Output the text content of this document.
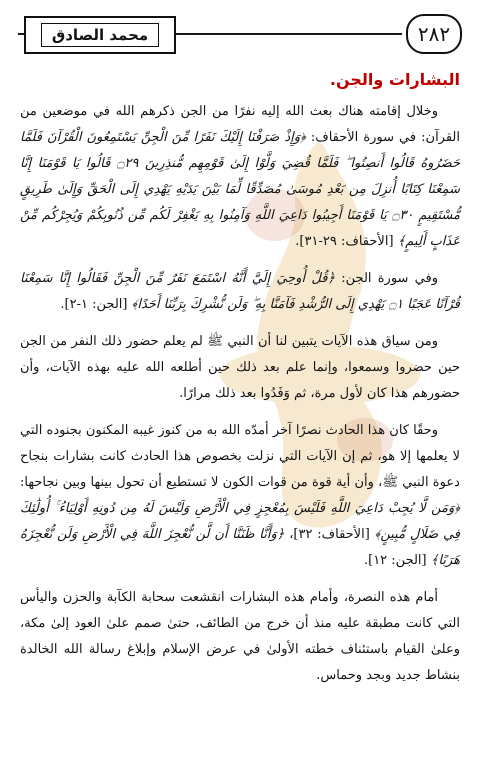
محمد الصادق	٢٨٢
البشارات والجن.

وخلال إقامته هناك بعث الله إليه نفرًا من الجن ذكرهم الله في موضعين من القرآن: في سورة الأحقاف: ﴿وَإِذْ صَرَفْنَا إِلَيْكَ نَفَرًا مِّنَ الْجِنِّ يَسْتَمِعُونَ الْقُرْآنَ فَلَمَّا حَضَرُوهُ قَالُوا أَنصِتُوا ۖ فَلَمَّا قُضِيَ وَلَّوْا إِلَىٰ قَوْمِهِم مُّنذِرِينَ ۝٢٩ قَالُوا يَا قَوْمَنَا إِنَّا سَمِعْنَا كِتَابًا أُنزِلَ مِن بَعْدِ مُوسَىٰ مُصَدِّقًا لِّمَا بَيْنَ يَدَيْهِ يَهْدِي إِلَى الْحَقِّ وَإِلَىٰ طَرِيقٍ مُّسْتَقِيمٍ ۝٣٠ يَا قَوْمَنَا أَجِيبُوا دَاعِيَ اللَّهِ وَآمِنُوا بِهِ يَغْفِرْ لَكُم مِّن ذُنُوبِكُمْ وَيُجِرْكُم مِّنْ عَذَابٍ أَلِيمٍ﴾ [الأحقاف: ٢٩-٣١].

وفي سورة الجن: ﴿قُلْ أُوحِيَ إِلَيَّ أَنَّهُ اسْتَمَعَ نَفَرٌ مِّنَ الْجِنِّ فَقَالُوا إِنَّا سَمِعْنَا قُرْآنًا عَجَبًا ۝١ يَهْدِي إِلَى الرُّشْدِ فَآمَنَّا بِهِ ۖ وَلَن نُّشْرِكَ بِرَبِّنَا أَحَدًا﴾ [الجن: ١-٢].

ومن سياق هذه الآيات يتبين لنا أن النبي ﷺ لم يعلم حضور ذلك النفر من الجن حين حضروا وسمعوا، وإنما علم بعد ذلك حين أطلعه الله عليه بهذه الآيات، وأن حضورهم هذا كان لأول مرة، ثم وَفَدُوا بعد ذلك مرارًا.

وحقًا كان هذا الحادث نصرًا آخر أمدّه الله به من كنوز غيبه المكنون بجنوده التي لا يعلمها إلا هو، ثم إن الآيات التي نزلت بخصوص هذا الحادث كانت بشارات بنجاح دعوة النبي ﷺ، وأن أية قوة من قوات الكون لا تستطيع أن تحول بينها وبين نجاحها: ﴿وَمَن لَّا يُجِبْ دَاعِيَ اللَّهِ فَلَيْسَ بِمُعْجِزٍ فِي الْأَرْضِ وَلَيْسَ لَهُ مِن دُونِهِ أَوْلِيَاءُ ۚ أُولَٰئِكَ فِي ضَلَالٍ مُّبِينٍ﴾ [الأحقاف: ٣٢]، ﴿وَأَنَّا ظَنَنَّا أَن لَّن نُّعْجِزَ اللَّهَ فِي الْأَرْضِ وَلَن نُّعْجِزَهُ هَرَبًا﴾ [الجن: ١٢].

أمام هذه النصرة، وأمام هذه البشارات انقشعت سحابة الكآبة والحزن واليأس التي كانت مطبقة عليه منذ أن خرج من الطائف، حتىٰ صمم علىٰ العود إلىٰ مكة، وعلىٰ القيام باستئناف خطته الأولىٰ في عرض الإسلام وإبلاغ رسالة الله الخالدة بنشاط جديد وبجد وحماس.
